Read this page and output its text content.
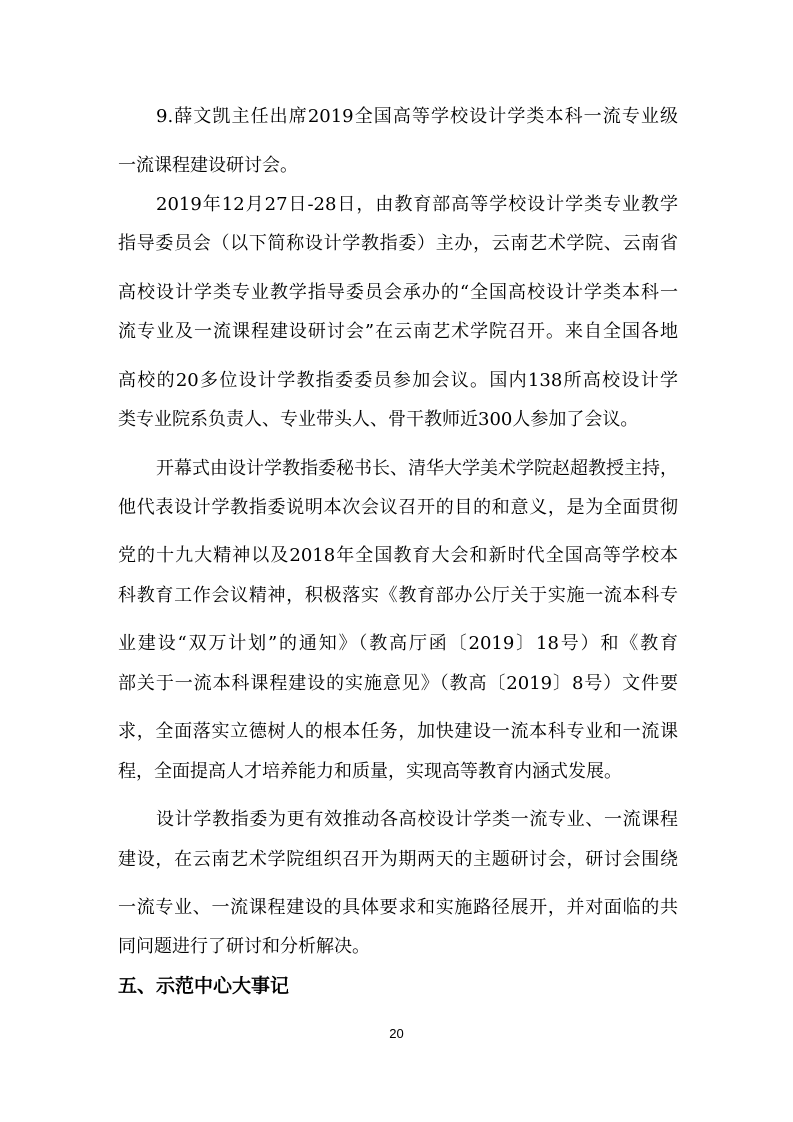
9.薛文凯主任出席2019全国高等学校设计学类本科一流专业级
一流课程建设研讨会。
2019年12月27日-28日，由教育部高等学校设计学类专业教学
指导委员会（以下简称设计学教指委）主办，云南艺术学院、云南省
高校设计学类专业教学指导委员会承办的“全国高校设计学类本科一
流专业及一流课程建设研讨会”在云南艺术学院召开。来自全国各地
高校的20多位设计学教指委委员参加会议。国内138所高校设计学
类专业院系负责人、专业带头人、骨干教师近300人参加了会议。
开幕式由设计学教指委秘书长、清华大学美术学院赵超教授主持，
他代表设计学教指委说明本次会议召开的目的和意义，是为全面贯彻
党的十九大精神以及2018年全国教育大会和新时代全国高等学校本
科教育工作会议精神，积极落实《教育部办公厅关于实施一流本科专
业建设“双万计划”的通知》（教高厅函〔2019〕18号）和《教育
部关于一流本科课程建设的实施意见》（教高〔2019〕8号）文件要
求，全面落实立德树人的根本任务，加快建设一流本科专业和一流课
程，全面提高人才培养能力和质量，实现高等教育内涵式发展。
设计学教指委为更有效推动各高校设计学类一流专业、一流课程
建设，在云南艺术学院组织召开为期两天的主题研讨会，研讨会围绕
一流专业、一流课程建设的具体要求和实施路径展开，并对面临的共
同问题进行了研讨和分析解决。
五、示范中心大事记
20
